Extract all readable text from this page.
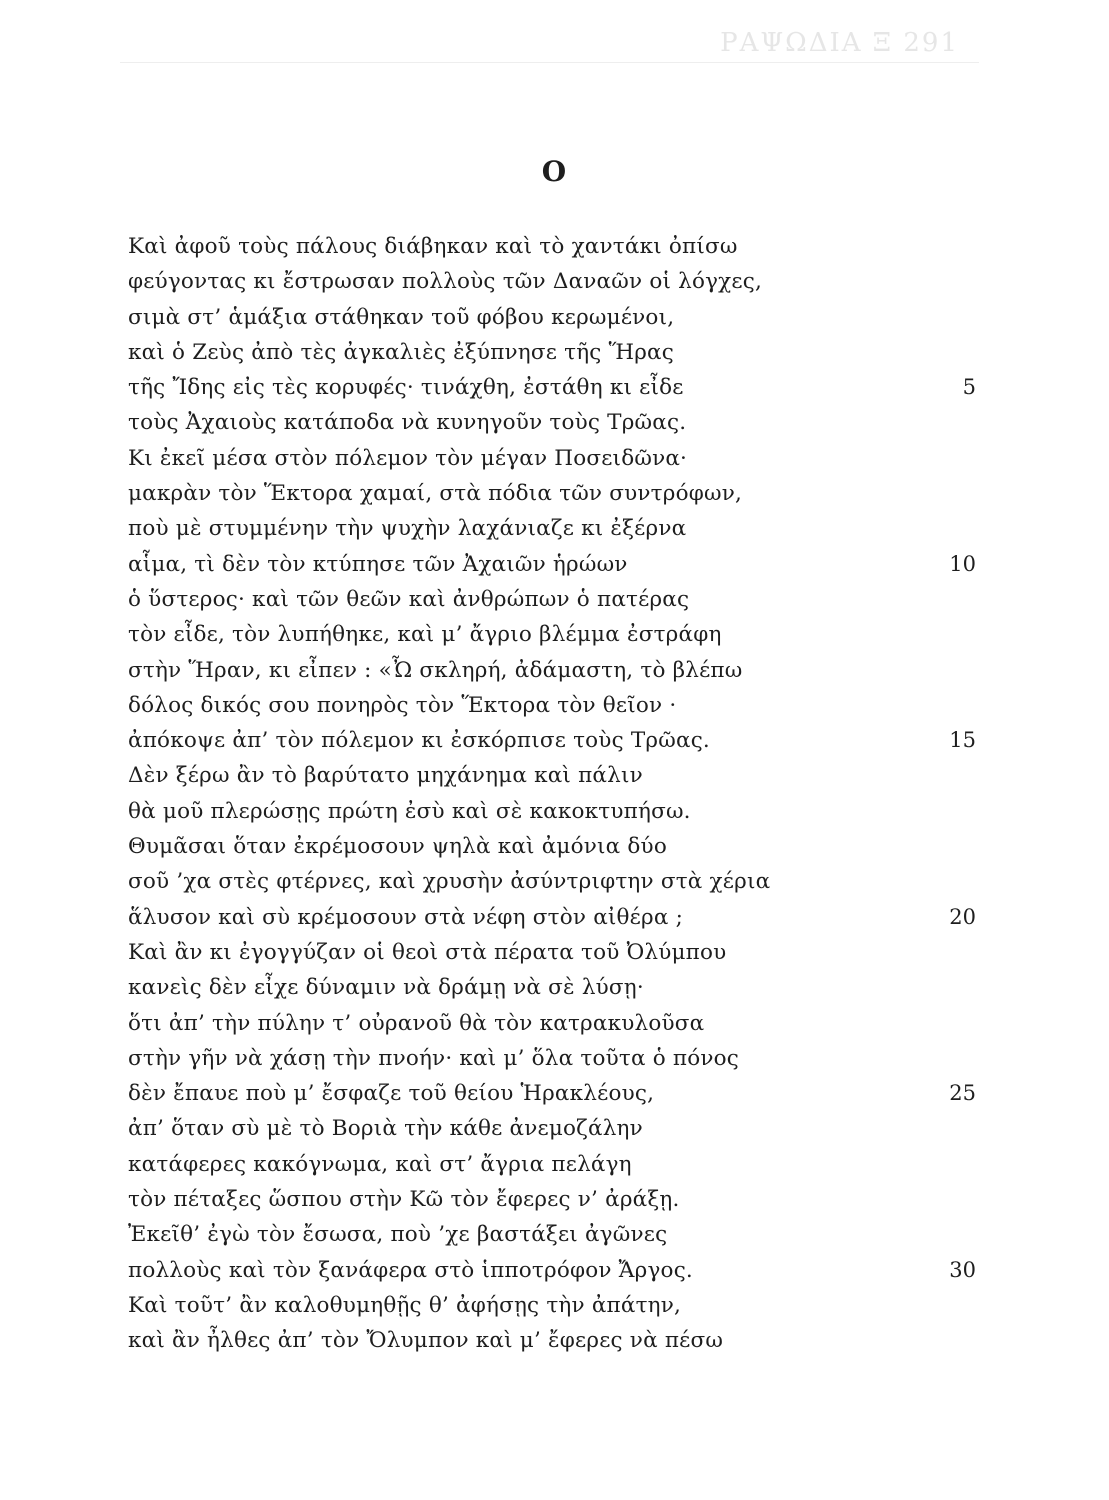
ΡΑΨΩΔΙΑ Ξ 291
Ο
Καὶ ἀφοῦ τοὺς πάλους διάβηκαν καὶ τὸ χαντάκι ὀπίσω
φεύγοντας κι ἔστρωσαν πολλοὺς τῶν Δαναῶν οἱ λόγχες,
σιμὰ στ’ ἁμάξια στάθηκαν τοῦ φόβου κερωμένοι,
καὶ ὁ Ζεὺς ἀπὸ τὲς ἀγκαλιὲς ἐξύπνησε τῆς Ἥρας
τῆς Ἴδης εἰς τὲς κορυφές· τινάχθη, ἐστάθη κι εἶδε	5
τοὺς Ἀχαιοὺς κατάποδα νὰ κυνηγοῦν τοὺς Τρῶας.
Κι ἐκεῖ μέσα στὸν πόλεμον τὸν μέγαν Ποσειδῶνα·
μακρὰν τὸν Ἕκτορα χαμαί, στὰ πόδια τῶν συντρόφων,
ποὺ μὲ στυμμένην τὴν ψυχὴν λαχάνιαζε κι ἐξέρνα
αἷμα, τὶ δὲν τὸν κτύπησε τῶν Ἀχαιῶν ἡρώων	10
ὁ ὕστερος· καὶ τῶν θεῶν καὶ ἀνθρώπων ὁ πατέρας
τὸν εἶδε, τὸν λυπήθηκε, καὶ μ’ ἄγριο βλέμμα ἐστράφη
στὴν Ἥραν, κι εἶπεν : «Ὦ σκληρή, ἀδάμαστη, τὸ βλέπω
δόλος δικός σου πονηρὸς τὸν Ἕκτορα τὸν θεῖον ·
ἀπόκοψε ἀπ’ τὸν πόλεμον κι ἐσκόρπισε τοὺς Τρῶας.	15
Δὲν ξέρω ἂν τὸ βαρύτατο μηχάνημα καὶ πάλιν
θὰ μοῦ πλερώσῃς πρώτη ἐσὺ καὶ σὲ κακοκτυπήσω.
Θυμᾶσαι ὅταν ἐκρέμοσουν ψηλὰ καὶ ἀμόνια δύο
σοῦ ’χα στὲς φτέρνες, καὶ χρυσὴν ἀσύντριφτην στὰ χέρια
ἅλυσον καὶ σὺ κρέμοσουν στὰ νέφη στὸν αἰθέρα ;	20
Καὶ ἂν κι ἐγογγύζαν οἱ θεοὶ στὰ πέρατα τοῦ Ὀλύμπου
κανεὶς δὲν εἶχε δύναμιν νὰ δράμῃ νὰ σὲ λύσῃ·
ὅτι ἀπ’ τὴν πύλην τ’ οὐρανοῦ θὰ τὸν κατρακυλοῦσα
στὴν γῆν νὰ χάσῃ τὴν πνοήν· καὶ μ’ ὅλα τοῦτα ὁ πόνος
δὲν ἔπαυε ποὺ μ’ ἔσφαζε τοῦ θείου Ἡρακλέους,	25
ἀπ’ ὅταν σὺ μὲ τὸ Βοριὰ τὴν κάθε ἀνεμοζάλην
κατάφερες κακόγνωμα, καὶ στ’ ἄγρια πελάγη
τὸν πέταξες ὥσπου στὴν Κῶ τὸν ἔφερες ν’ ἀράξῃ.
Ἐκεῖθ’ ἐγὼ τὸν ἔσωσα, ποὺ ’χε βαστάξει ἀγῶνες
πολλοὺς καὶ τὸν ξανάφερα στὸ ἱπποτρόφον Ἄργος.	30
Καὶ τοῦτ’ ἂν καλοθυμηθῇς θ’ ἀφήσῃς τὴν ἀπάτην,
καὶ ἂν ἦλθες ἀπ’ τὸν Ὄλυμπον καὶ μ’ ἔφερες νὰ πέσω
